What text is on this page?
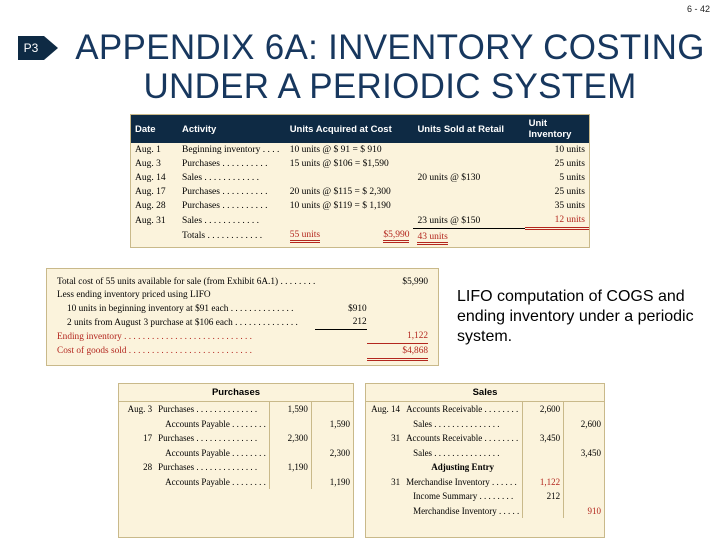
6 - 42
P3	APPENDIX 6A: INVENTORY COSTING UNDER A PERIODIC SYSTEM
Date	Activity	Units Acquired at Cost	Units Sold at Retail	Unit Inventory
Aug. 1	Beginning inventory . . . .	10 units @ $ 91 = $ 910		10 units
Aug. 3	Purchases . . . . . . . . . .	15 units @ $106 = $1,590		25 units
Aug. 14	Sales . . . . . . . . . . . .		20 units @ $130	5 units
Aug. 17	Purchases . . . . . . . . . .	20 units @ $115 = $ 2,300		25 units
Aug. 28	Purchases . . . . . . . . . .	10 units @ $119 = $ 1,190		35 units
Aug. 31	Sales . . . . . . . . . . . .		23 units @ $150	12 units
	Totals . . . . . . . . . . . .	55 units $5,990	43 units	
Total cost of 55 units available for sale (from Exhibit 6A.1) . . . . . . . .		$5,990
Less ending inventory priced using LIFO		
10 units in beginning inventory at $91 each . . . . . . . . . . . . . .	$910	
2 units from August 3 purchase at $106 each . . . . . . . . . . . . . .	212	
Ending inventory . . . . . . . . . . . . . . . . . . . . . . . . . . . .		1,122
Cost of goods sold . . . . . . . . . . . . . . . . . . . . . . . . . . .		$4,868
LIFO computation of COGS and ending inventory under a periodic system.
Purchases
Aug. 3	Purchases . . . . . . . . . . . . . .	1,590	
	Accounts Payable . . . . . . . .		1,590
17	Purchases . . . . . . . . . . . . . .	2,300	
	Accounts Payable . . . . . . . .		2,300
28	Purchases . . . . . . . . . . . . . .	1,190	
	Accounts Payable . . . . . . . .		1,190
Sales
Aug. 14	Accounts Receivable . . . . . . . .	2,600	
	Sales . . . . . . . . . . . . . . .		2,600
31	Accounts Receivable . . . . . . . .	3,450	
	Sales . . . . . . . . . . . . . . .		3,450
	Adjusting Entry		
31	Merchandise Inventory . . . . . .	1,122	
	Income Summary . . . . . . . .	212	
	Merchandise Inventory . . . . .		910
